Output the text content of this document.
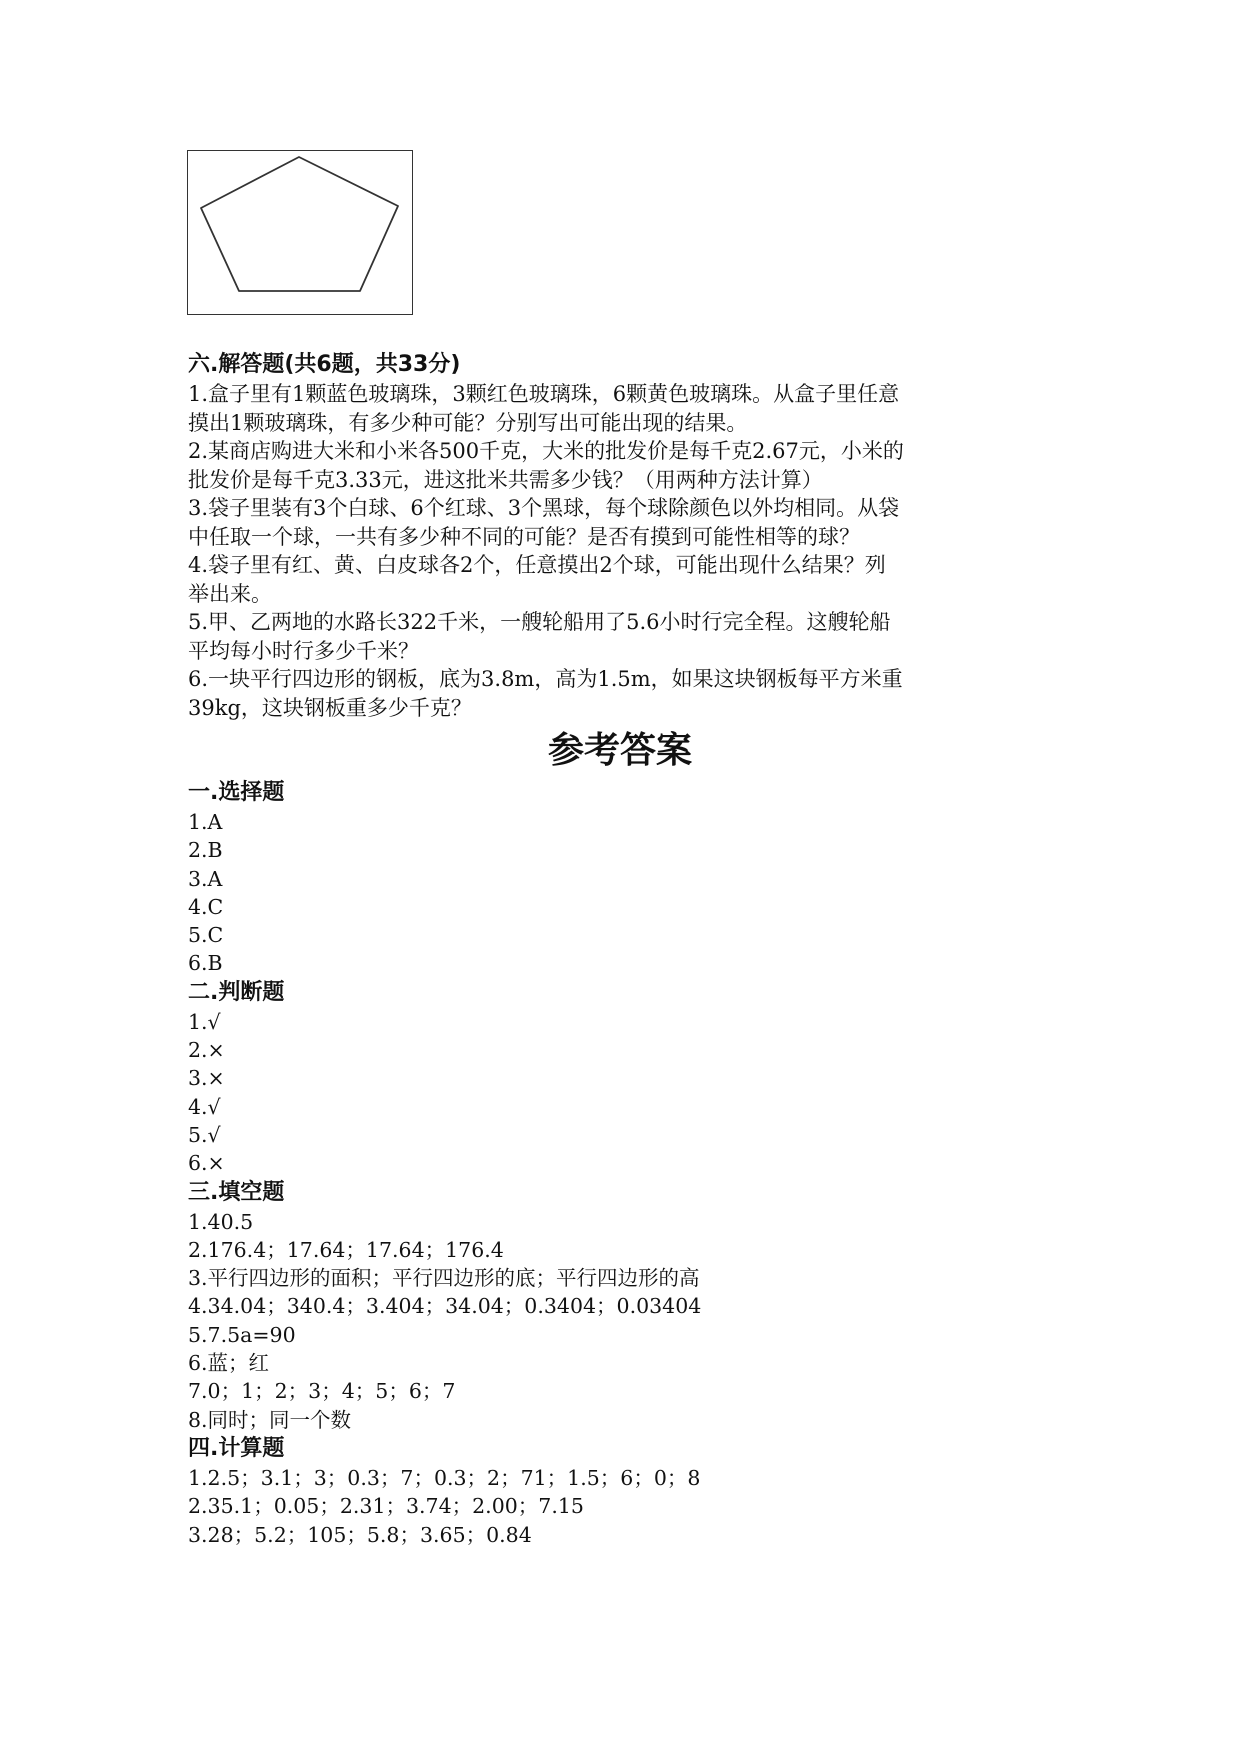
六.解答题(共6题，共33分)
1.盒子里有1颗蓝色玻璃珠，3颗红色玻璃珠，6颗黄色玻璃珠。从盒子里任意
摸出1颗玻璃珠，有多少种可能？分别写出可能出现的结果。
2.某商店购进大米和小米各500千克，大米的批发价是每千克2.67元，小米的
批发价是每千克3.33元，进这批米共需多少钱？（用两种方法计算）
3.袋子里装有3个白球、6个红球、3个黑球，每个球除颜色以外均相同。从袋
中任取一个球，一共有多少种不同的可能？是否有摸到可能性相等的球？
4.袋子里有红、黄、白皮球各2个，任意摸出2个球，可能出现什么结果？列
举出来。
5.甲、乙两地的水路长322千米，一艘轮船用了5.6小时行完全程。这艘轮船
平均每小时行多少千米？
6.一块平行四边形的钢板，底为3.8m，高为1.5m，如果这块钢板每平方米重
39kg，这块钢板重多少千克？
参考答案
一.选择题
1.A
2.B
3.A
4.C
5.C
6.B
二.判断题
1.√
2.×
3.×
4.√
5.√
6.×
三.填空题
1.40.5
2.176.4；17.64；17.64；176.4
3.平行四边形的面积；平行四边形的底；平行四边形的高
4.34.04；340.4；3.404；34.04；0.3404；0.03404
5.7.5a=90
6.蓝；红
7.0；1；2；3；4；5；6；7
8.同时；同一个数
四.计算题
1.2.5；3.1；3；0.3；7；0.3；2；71；1.5；6；0；8
2.35.1；0.05；2.31；3.74；2.00；7.15
3.28；5.2；105；5.8；3.65；0.84
